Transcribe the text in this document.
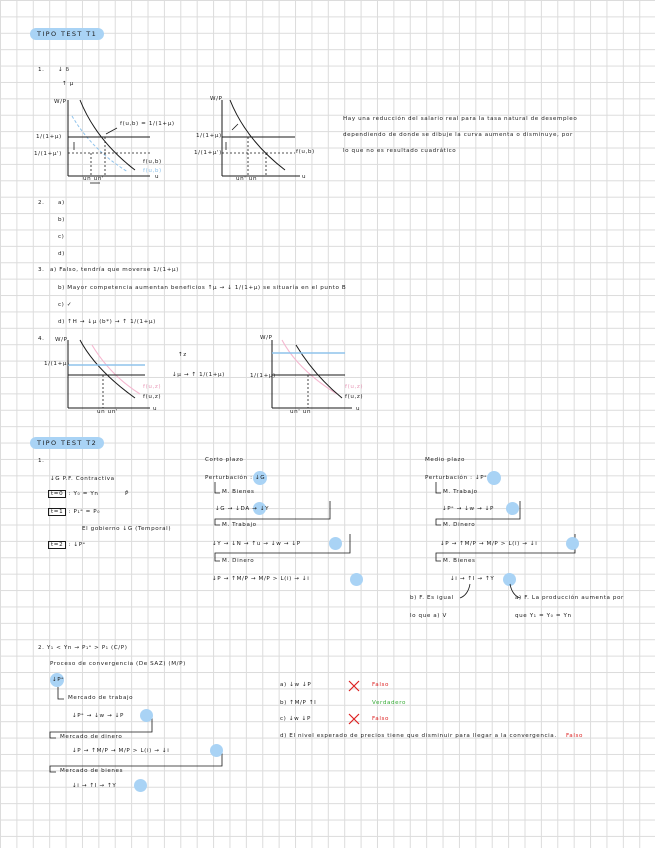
TIPO TEST T1
1. ↓ δ
↑ μ
W/P
f(u,b) = 1/(1+μ)
1/(1+μ)
1/(1+μ')
f(u,b)
f(u,b)
u
un un'
W/P
1/(1+μ)
1/(1+μ')	f(u,b)
un' un	u
Hay una reducción del salario real para la tasa natural de desempleo
dependiendo de donde se dibuje la curva aumenta o disminuye, por
lo que no es resultado cuadrático
2. a)
b)
c)
d)
3. a) Falso, tendría que moverse 1/(1+μ)
b) Mayor competencia aumentan beneficios ↑μ → ↓ 1/(1+μ) se situaría en el punto B
c) ✓
d) ↑H → ↓μ (b*) → ↑ 1/(1+μ)
4. W/P
1/(1+μ)
f(u,z)
f(u,z)
un un'	u
↑z
↓μ → ↑ 1/(1+μ)
W/P
1/(1+μ)
f(u,z)
f(u,z)
un' un	u
TIPO TEST T2
1.
↓G P.F. Contractiva
t=0 : Y₀ = Yn	P̄
t=1 : P₁ᵉ = P₀
El gobierno ↓G (Temporal)
t=2 : ↓Pᵉ
Corto plazo
Perturbación : ↓G
M. Bienes
↓G → ↓DA → ↓Y
M. Trabajo
↓Y → ↓N → ↑u → ↓w → ↓P
M. Dinero
↓P → ↑M/P → M/P > L(i) → ↓i
Medio plazo
Perturbación : ↓Pᵉ
M. Trabajo
↓Pᵉ → ↓w → ↓P
M. Dinero
↓P → ↑M/P → M/P > L(i) → ↓i
M. Bienes
↓i → ↑I → ↑Y
b) F. Es igual	a) F. La producción aumenta por
lo que a) V	que Y₁ = Y₀ = Yn
2. Y₁ < Yn → P₁ᵉ > P₁ (C/P)
Proceso de convergencia (De SAZ) (M/P)
↓Pᵉ
Mercado de trabajo
↓Pᵉ → ↓w → ↓P
Mercado de dinero
↓P → ↑M/P → M/P > L(i) → ↓i
Mercado de bienes
↓i → ↑I → ↑Y
a) ↓w ↓P	Falso
b) ↑M/P ↑I	Verdadero
c) ↓w ↓P	Falso
d) El nivel esperado de precios tiene que disminuir para llegar a la convergencia. Falso
